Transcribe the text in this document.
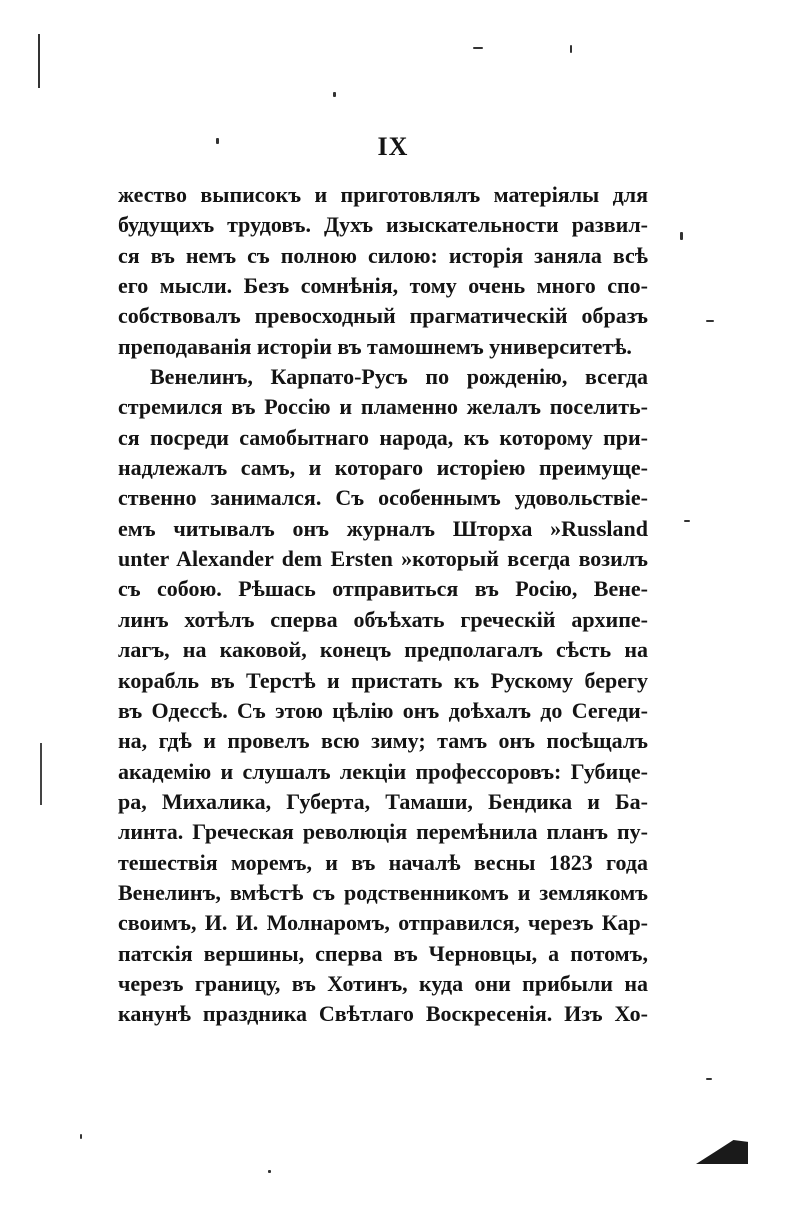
IX
жество выписокъ и приготовлялъ матеріялы для
будущихъ трудовъ. Духъ изыскательности развил-
ся въ немъ съ полною силою: исторія заняла всѣ
его мысли. Безъ сомнѣнія, тому очень много спо-
собствовалъ превосходный прагматическій образъ
преподаванія исторіи въ тамошнемъ университетѣ.
Венелинъ, Карпато-Русъ по рожденію, всегда
стремился въ Россію и пламенно желалъ поселить-
ся посреди самобытнаго народа, къ которому при-
надлежалъ самъ, и котораго исторіею преимуще-
ственно занимался. Съ особеннымъ удовольствіе-
емъ читывалъ онъ журналъ Шторха »Russland
unter Alexander dem Ersten »который всегда возилъ
съ собою. Рѣшась отправиться въ Росію, Вене-
линъ хотѣлъ сперва объѣхать греческій архипе-
лагъ, на каковой, конецъ предполагалъ сѣсть на
корабль въ Терстѣ и пристать къ Рускому берегу
въ Одессѣ. Съ этою цѣлію онъ доѣхалъ до Сегеди-
на, гдѣ и провелъ всю зиму; тамъ онъ посѣщалъ
академію и слушалъ лекціи профессоровъ: Губице-
ра, Михалика, Губерта, Тамаши, Бендика и Ба-
линта. Греческая революція перемѣнила планъ пу-
тешествія моремъ, и въ началѣ весны 1823 года
Венелинъ, вмѣстѣ съ родственникомъ и землякомъ
своимъ, И. И. Молнаромъ, отправился, черезъ Кар-
патскія вершины, сперва въ Черновцы, а потомъ,
черезъ границу, въ Хотинъ, куда они прибыли на
канунѣ праздника Свѣтлаго Воскресенія. Изъ Хо-
